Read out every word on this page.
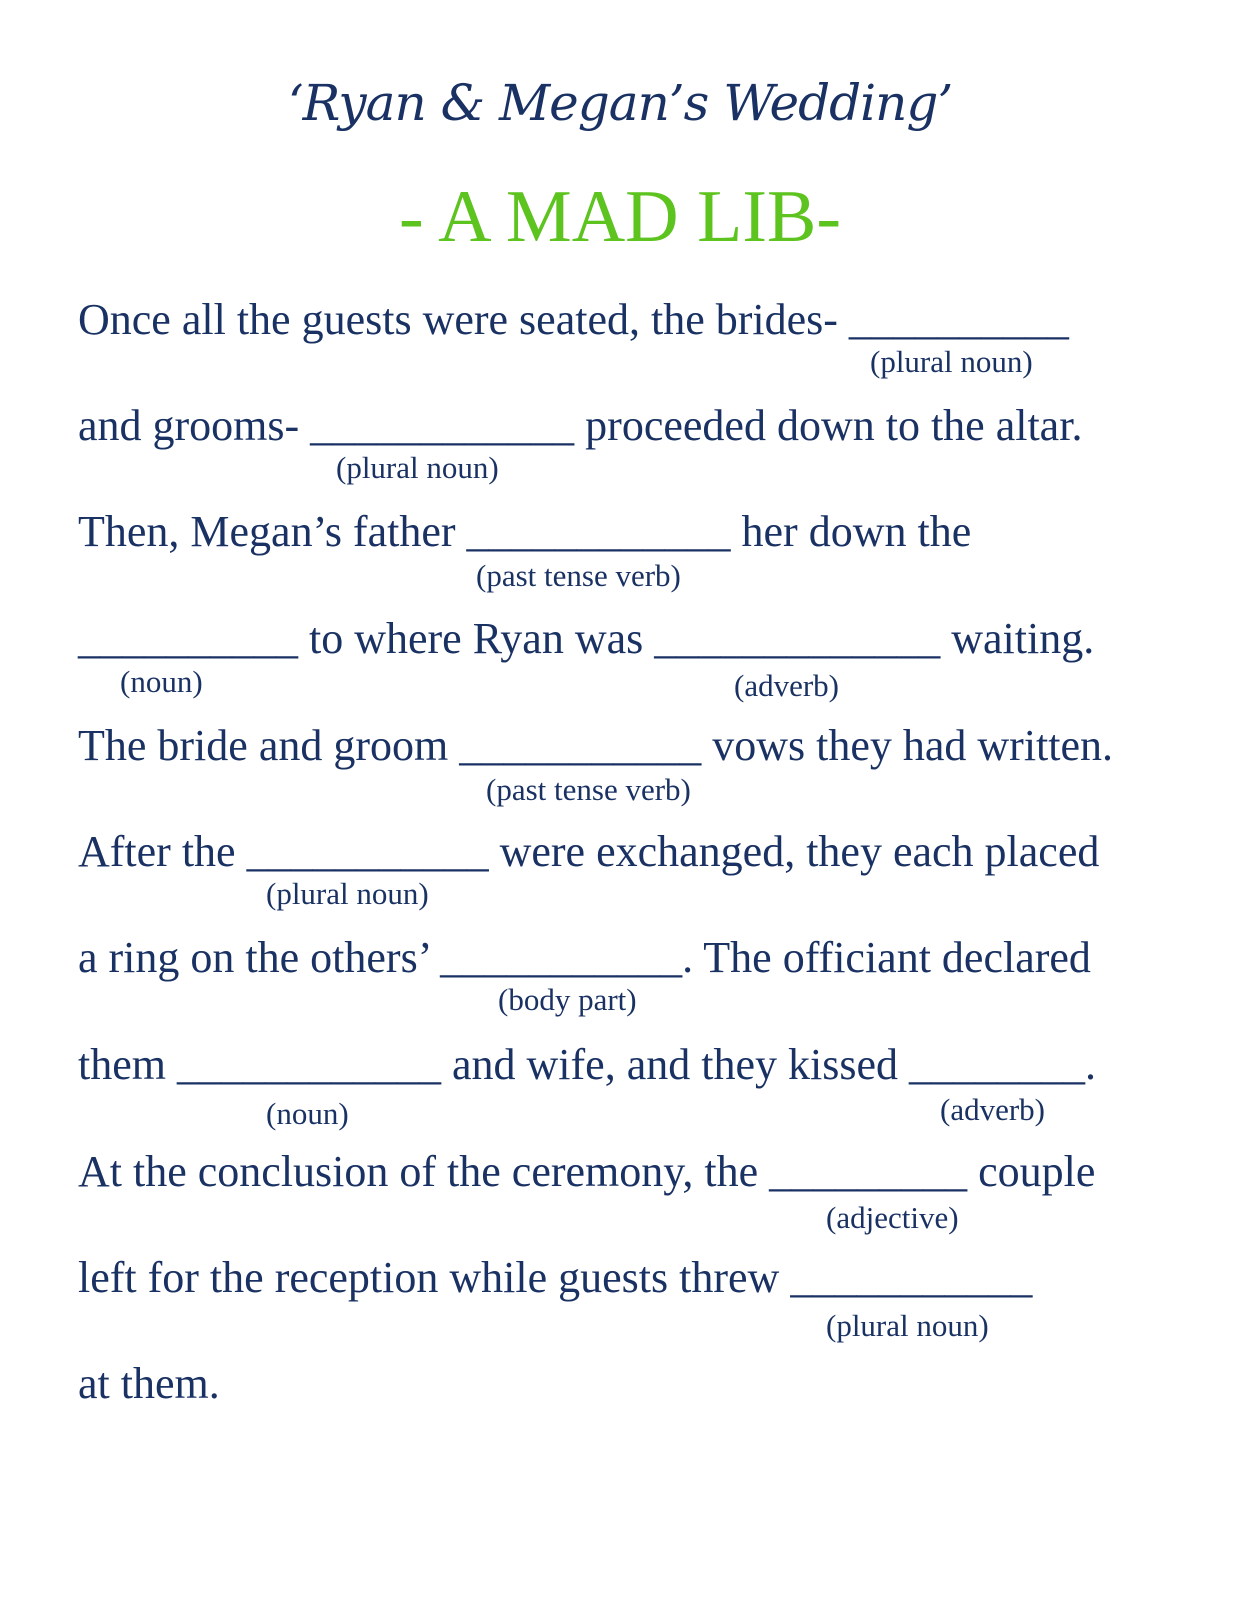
‘Ryan & Megan’s Wedding’
- A MAD LIB-
Once all the guests were seated, the brides- __________
and grooms- ____________ proceeded down to the altar.
Then, Megan’s father ____________ her down the
__________ to where Ryan was _____________ waiting.
The bride and groom ___________ vows they had written.
After the ___________ were exchanged, they each placed
a ring on the others’ ___________. The officiant declared
them ____________ and wife, and they kissed ________.
At the conclusion of the ceremony, the _________ couple
left for the reception while guests threw ___________
at them.
(plural noun)
(plural noun)
(past tense verb)
(noun)	(adverb)
(past tense verb)
(plural noun)
(body part)
(noun)	(adverb)
(adjective)
(plural noun)
